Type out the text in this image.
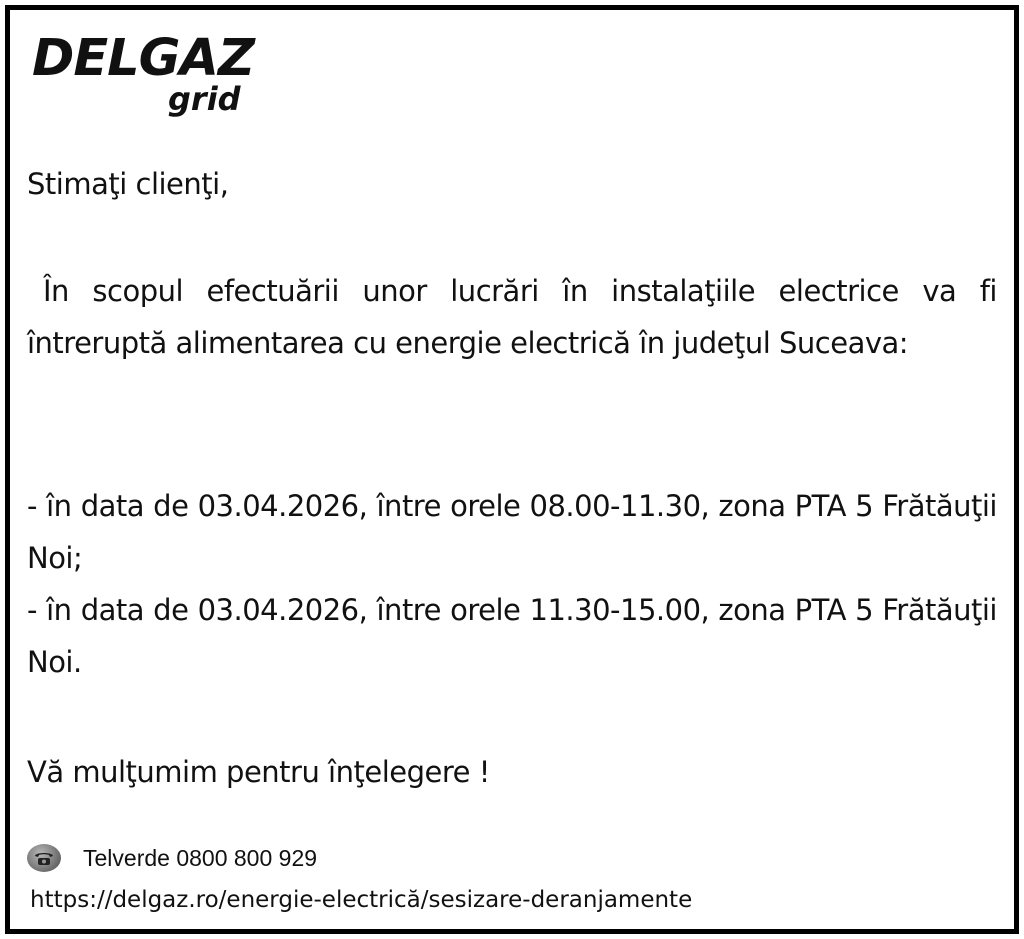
DELGAZ
grid

Stimaţi clienţi,

În scopul efectuării unor lucrări în instalaţiile electrice va fi întreruptă alimentarea cu energie electrică în judeţul Suceava:

- în data de 03.04.2026, între orele 08.00-11.30, zona PTA 5 Frătăuţii Noi;

- în data de 03.04.2026, între orele 11.30-15.00, zona PTA 5 Frătăuţii Noi.

Vă mulţumim pentru înţelegere !

Telverde 0800 800 929
https://delgaz.ro/energie-electrică/sesizare-deranjamente
